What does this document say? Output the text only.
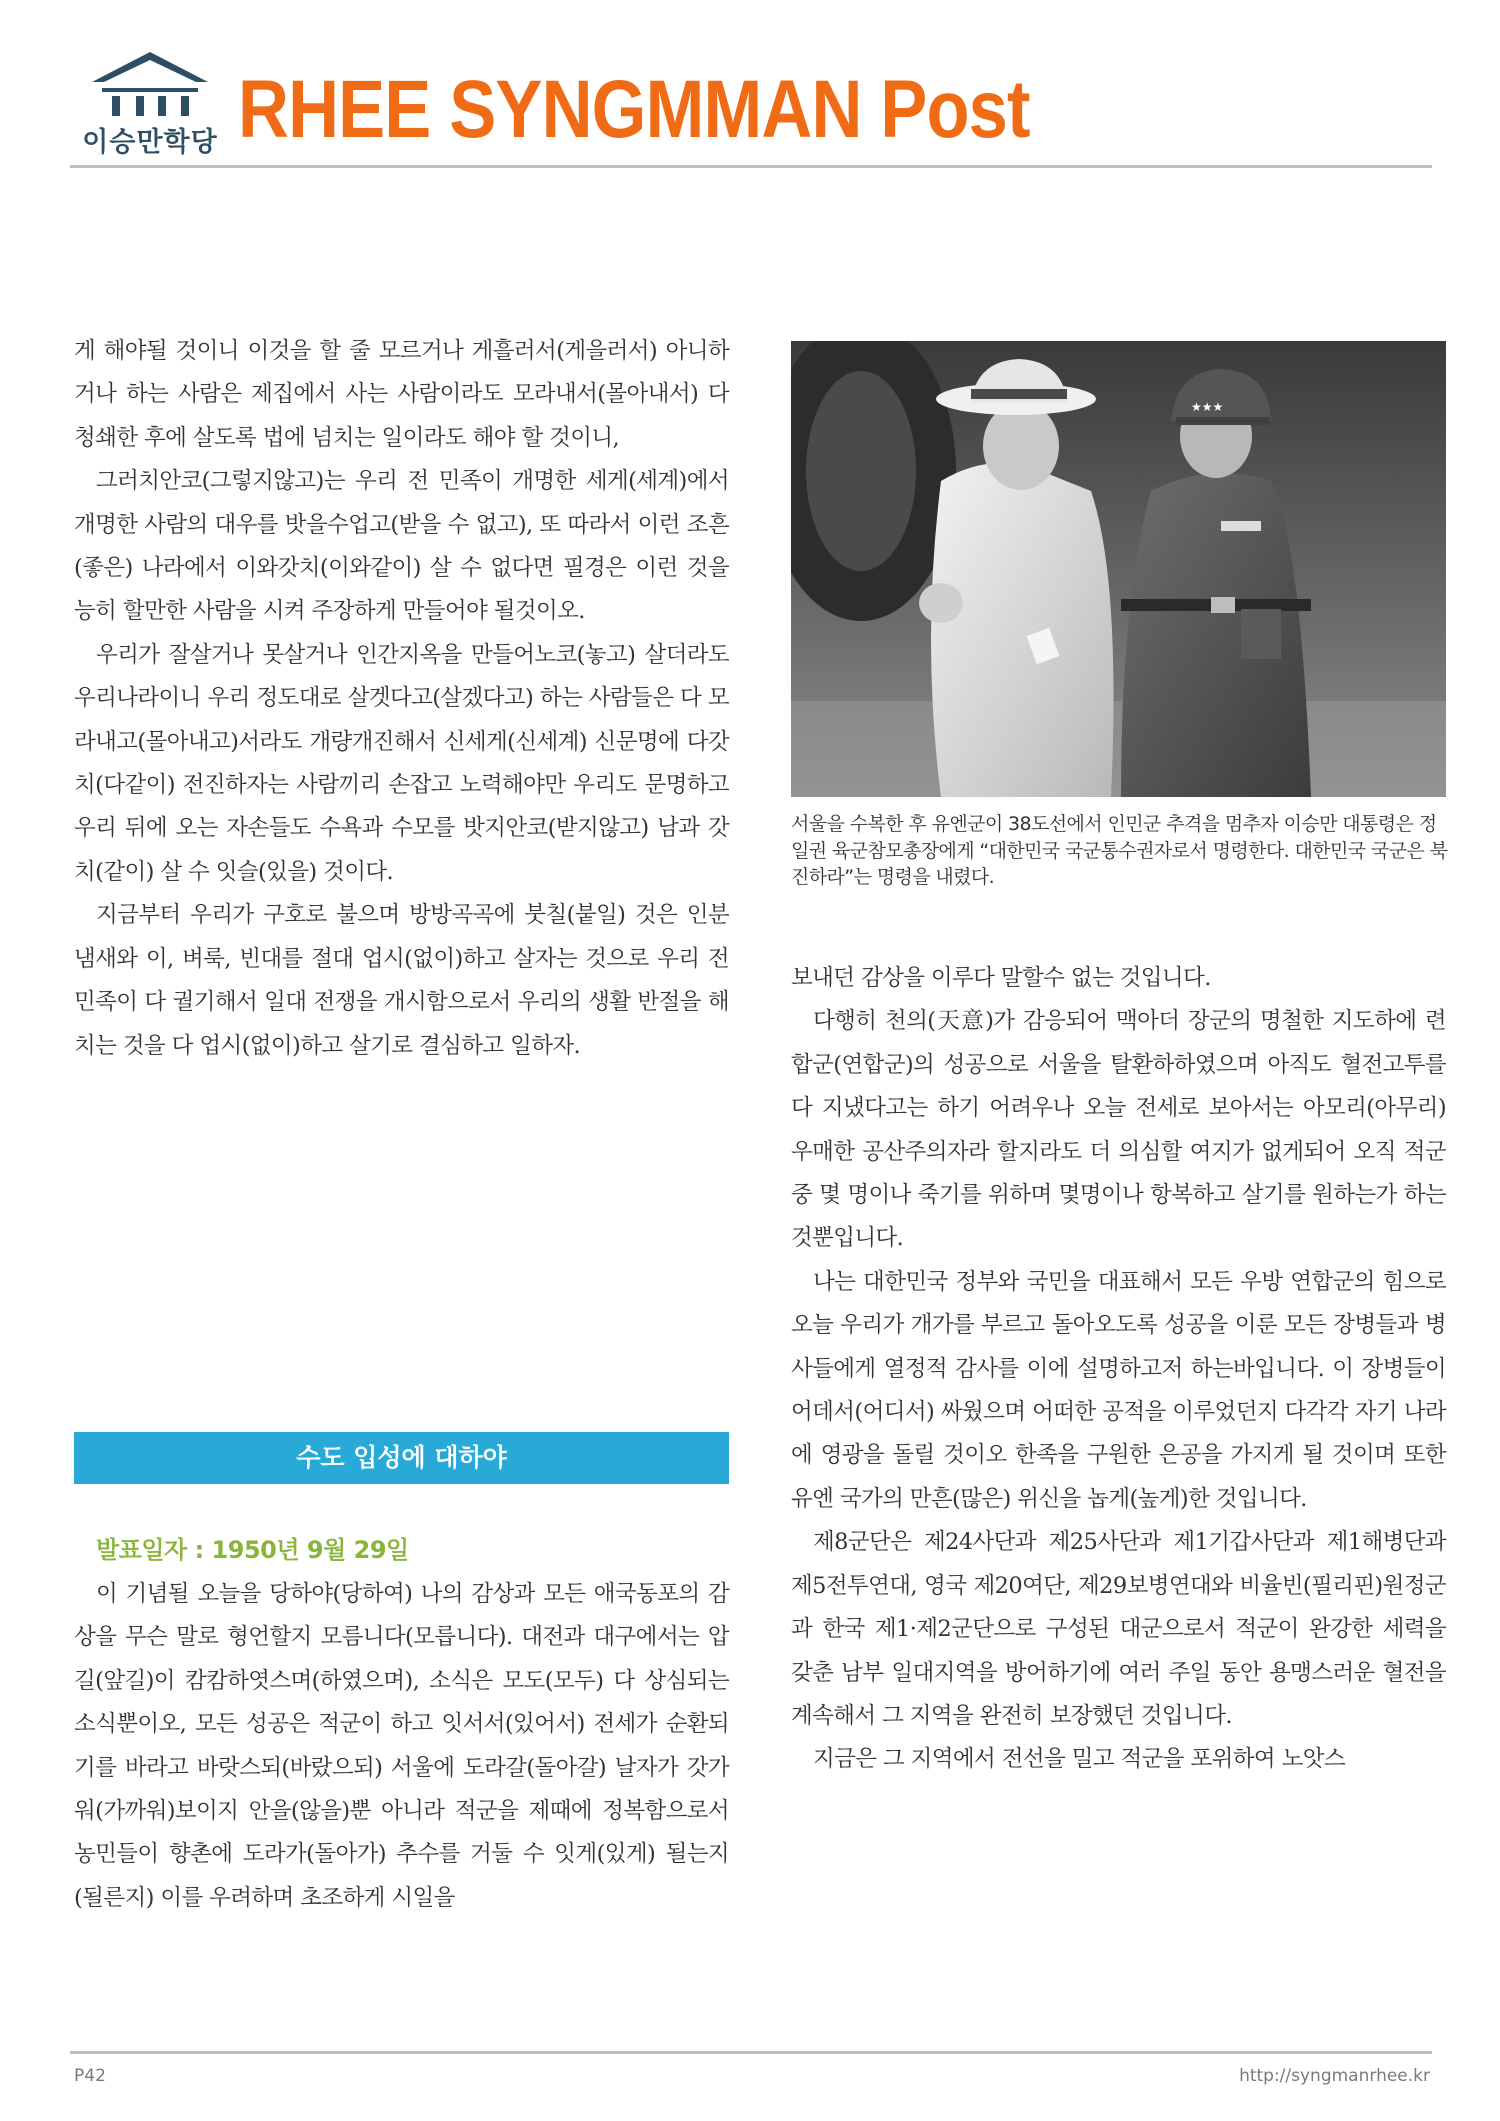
이승만학당 RHEE SYNGMMAN Post

게 해야될 것이니 이것을 할 줄 모르거나 게흘러서(게을러서) 아니하거나 하는 사람은 제집에서 사는 사람이라도 모라내서(몰아내서) 다 청쇄한 후에 살도록 법에 넘치는 일이라도 해야 할 것이니,

그러치안코(그렇지않고)는 우리 전 민족이 개명한 세게(세계)에서 개명한 사람의 대우를 밧을수업고(받을 수 없고), 또 따라서 이런 조흔(좋은) 나라에서 이와갓치(이와같이) 살 수 없다면 필경은 이런 것을 능히 할만한 사람을 시켜 주장하게 만들어야 될것이오.

우리가 잘살거나 못살거나 인간지옥을 만들어노코(놓고) 살더라도 우리나라이니 우리 정도대로 살겟다고(살겠다고) 하는 사람들은 다 모라내고(몰아내고)서라도 개량개진해서 신세게(신세계) 신문명에 다갓치(다같이) 전진하자는 사람끼리 손잡고 노력해야만 우리도 문명하고 우리 뒤에 오는 자손들도 수욕과 수모를 밧지안코(받지않고) 남과 갓치(같이) 살 수 잇슬(있을) 것이다.

지금부터 우리가 구호로 불으며 방방곡곡에 붓칠(붙일) 것은 인분 냄새와 이, 벼룩, 빈대를 절대 업시(없이)하고 살자는 것으로 우리 전민족이 다 궐기해서 일대 전쟁을 개시함으로서 우리의 생활 반절을 해치는 것을 다 업시(없이)하고 살기로 결심하고 일하자.

수도 입성에 대하야
발표일자 : 1950년 9월 29일

이 기념될 오늘을 당하야(당하여) 나의 감상과 모든 애국동포의 감상을 무슨 말로 형언할지 모름니다(모릅니다). 대전과 대구에서는 압길(앞길)이 캄캄하엿스며(하였으며), 소식은 모도(모두) 다 상심되는 소식뿐이오, 모든 성공은 적군이 하고 잇서서(있어서) 전세가 순환되기를 바라고 바랏스되(바랐으되) 서울에 도라갈(돌아갈) 날자가 갓가워(가까워)보이지 안을(않을)뿐 아니라 적군을 제때에 정복함으로서 농민들이 향촌에 도라가(돌아가) 추수를 거둘 수 잇게(있게) 될는지(될른지) 이를 우려하며 초조하게 시일을

★★★
서울을 수복한 후 유엔군이 38도선에서 인민군 추격을 멈추자 이승만 대통령은 정일권 육군참모총장에게 “대한민국 국군통수권자로서 명령한다. 대한민국 국군은 북진하라”는 명령을 내렸다.

보내던 감상을 이루다 말할수 없는 것입니다.

다행히 천의(天意)가 감응되어 맥아더 장군의 명철한 지도하에 련합군(연합군)의 성공으로 서울을 탈환하하였으며 아직도 혈전고투를 다 지냈다고는 하기 어려우나 오늘 전세로 보아서는 아모리(아무리) 우매한 공산주의자라 할지라도 더 의심할 여지가 없게되어 오직 적군 중 몇 명이나 죽기를 위하며 몇명이나 항복하고 살기를 원하는가 하는 것뿐입니다.

나는 대한민국 정부와 국민을 대표해서 모든 우방 연합군의 힘으로 오늘 우리가 개가를 부르고 돌아오도록 성공을 이룬 모든 장병들과 병사들에게 열정적 감사를 이에 설명하고저 하는바입니다. 이 장병들이 어데서(어디서) 싸웠으며 어떠한 공적을 이루었던지 다각각 자기 나라에 영광을 돌릴 것이오 한족을 구원한 은공을 가지게 될 것이며 또한 유엔 국가의 만흔(많은) 위신을 놉게(높게)한 것입니다.

제8군단은 제24사단과 제25사단과 제1기갑사단과 제1해병단과 제5전투연대, 영국 제20여단, 제29보병연대와 비율빈(필리핀)원정군과 한국 제1·제2군단으로 구성된 대군으로서 적군이 완강한 세력을 갖춘 남부 일대지역을 방어하기에 여러 주일 동안 용맹스러운 혈전을 계속해서 그 지역을 완전히 보장했던 것입니다.

지금은 그 지역에서 전선을 밀고 적군을 포위하여 노앗스

P42	http://syngmanrhee.kr
